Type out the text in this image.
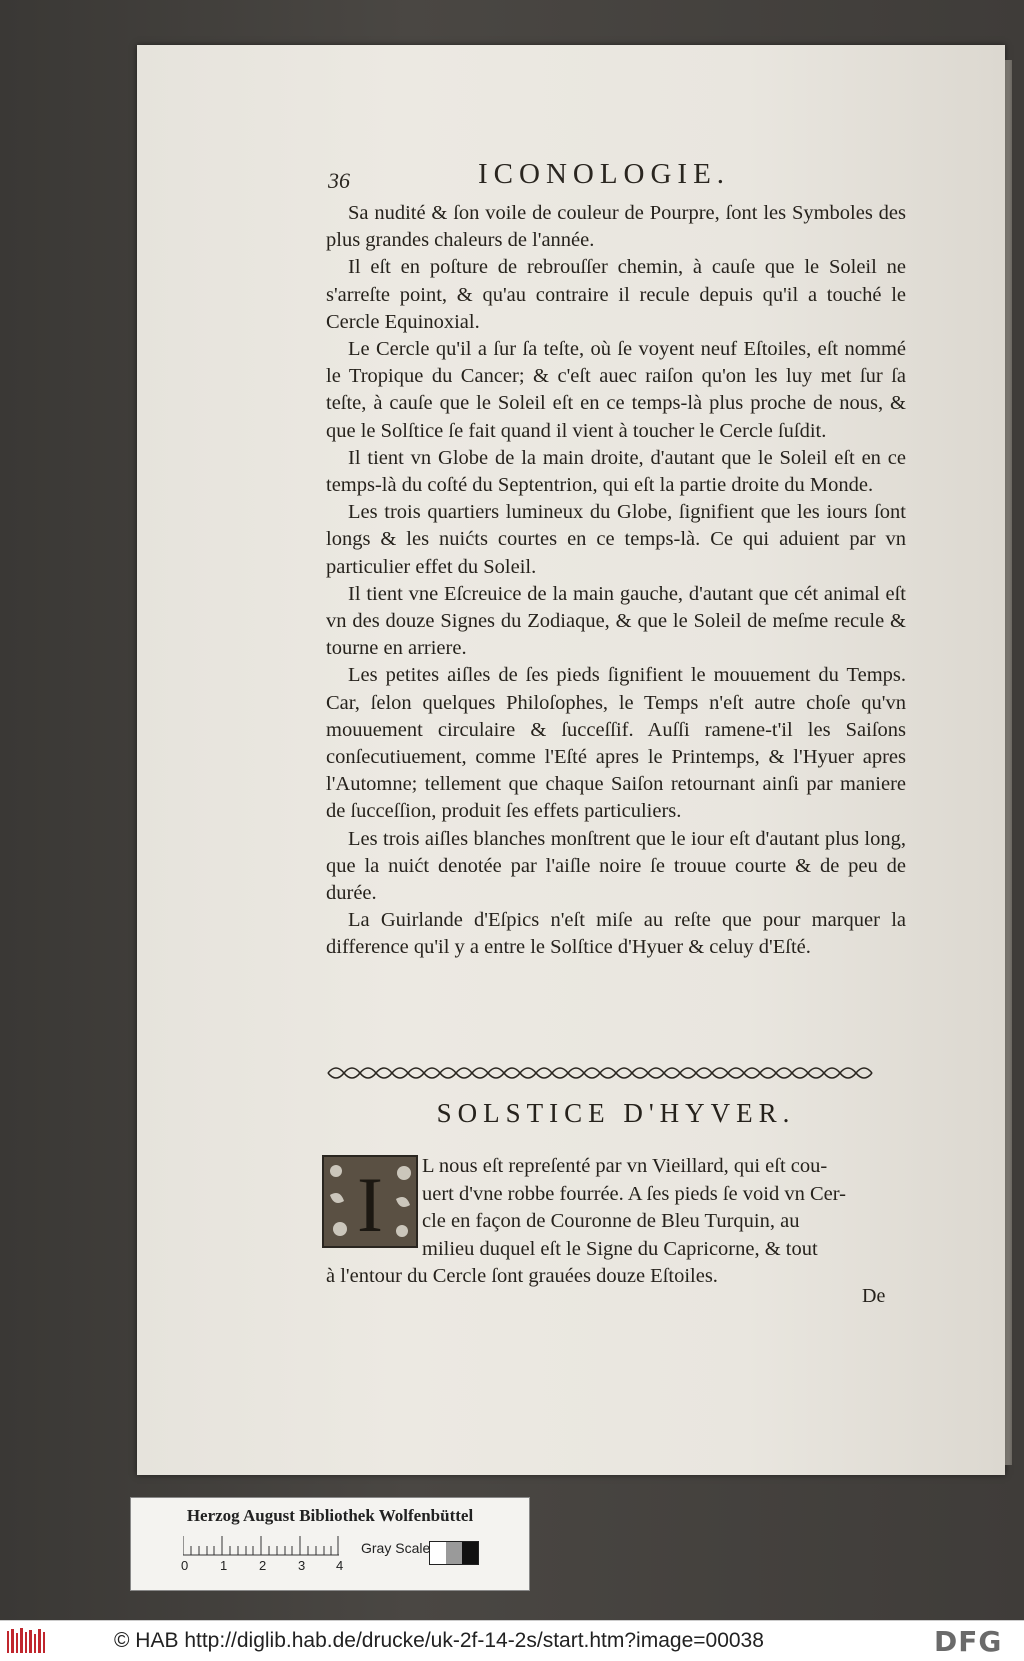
36	ICONOLOGIE.

Sa nudité & ſon voile de couleur de Pourpre, ſont les Symboles des plus grandes chaleurs de l'année.

Il eſt en poſture de rebrouſſer chemin, à cauſe que le Soleil ne s'arreſte point, & qu'au contraire il recule depuis qu'il a touché le Cercle Equinoxial.

Le Cercle qu'il a ſur ſa teſte, où ſe voyent neuf Eſtoiles, eſt nommé le Tropique du Cancer; & c'eſt auec raiſon qu'on les luy met ſur ſa teſte, à cauſe que le Soleil eſt en ce temps-là plus proche de nous, & que le Solſtice ſe fait quand il vient à toucher le Cercle ſuſdit.

Il tient vn Globe de la main droite, d'autant que le Soleil eſt en ce temps-là du coſté du Septentrion, qui eſt la partie droite du Monde.

Les trois quartiers lumineux du Globe, ſignifient que les iours ſont longs & les nuićts courtes en ce temps-là. Ce qui aduient par vn particulier effet du Soleil.

Il tient vne Eſcreuice de la main gauche, d'autant que cét animal eſt vn des douze Signes du Zodiaque, & que le Soleil de meſme recule & tourne en arriere.

Les petites aiſles de ſes pieds ſignifient le mouuement du Temps. Car, ſelon quelques Philoſophes, le Temps n'eſt autre choſe qu'vn mouuement circulaire & ſucceſſif. Auſſi ramene-t'il les Saiſons conſecutiuement, comme l'Eſté apres le Printemps, & l'Hyuer apres l'Automne; tellement que chaque Saiſon retournant ainſi par maniere de ſucceſſion, produit ſes effets particuliers.

Les trois aiſles blanches monſtrent que le iour eſt d'autant plus long, que la nuićt denotée par l'aiſle noire ſe trouue courte & de peu de durée.

La Guirlande d'Eſpics n'eſt miſe au reſte que pour marquer la difference qu'il y a entre le Solſtice d'Hyuer & celuy d'Eſté.

SOLSTICE D'HYVER.
I	L nous eſt repreſenté par vn Vieillard, qui eſt cou-
uert d'vne robbe fourrée. A ſes pieds ſe void vn Cer-
cle en façon de Couronne de Bleu Turquin, au
milieu duquel eſt le Signe du Capricorne, & tout
à l'entour du Cercle ſont grauées douze Eſtoiles.
De
Herzog August Bibliothek Wolfenbüttel
0 1 2 3 4
Gray Scale
© HAB http://diglib.hab.de/drucke/uk-2f-14-2s/start.htm?image=00038	DFG
